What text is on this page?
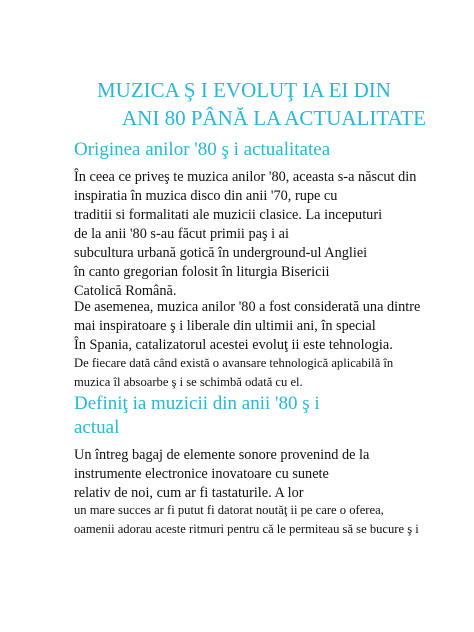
MUZICA Ş I EVOLUŢ IA EI DIN
ANI 80 PÂNĂ LA ACTUALITATE
Originea anilor '80 ş i actualitatea
În ceea ce priveş te muzica anilor '80, aceasta s-a născut din
inspiratia în muzica disco din anii '70, rupe cu
traditii si formalitati ale muzicii clasice. La inceputuri
de la anii '80 s-au făcut primii paş i ai
subcultura urbană gotică în underground-ul Angliei
în canto gregorian folosit în liturgia Bisericii
Catolică Română.
De asemenea, muzica anilor '80 a fost considerată una dintre
mai inspiratoare ş i liberale din ultimii ani, în special
În Spania, catalizatorul acestei evoluţ ii este tehnologia.
De fiecare dată când există o avansare tehnologică aplicabilă în
muzica îl absoarbe ş i se schimbă odată cu el.
Definiţ ia muzicii din anii '80 ş i
actual
Un întreg bagaj de elemente sonore provenind de la
instrumente electronice inovatoare cu sunete
relativ de noi, cum ar fi tastaturile. A lor
un mare succes ar fi putut fi datorat noutăţ ii pe care o oferea,
oamenii adorau aceste ritmuri pentru că le permiteau să se bucure ş i
